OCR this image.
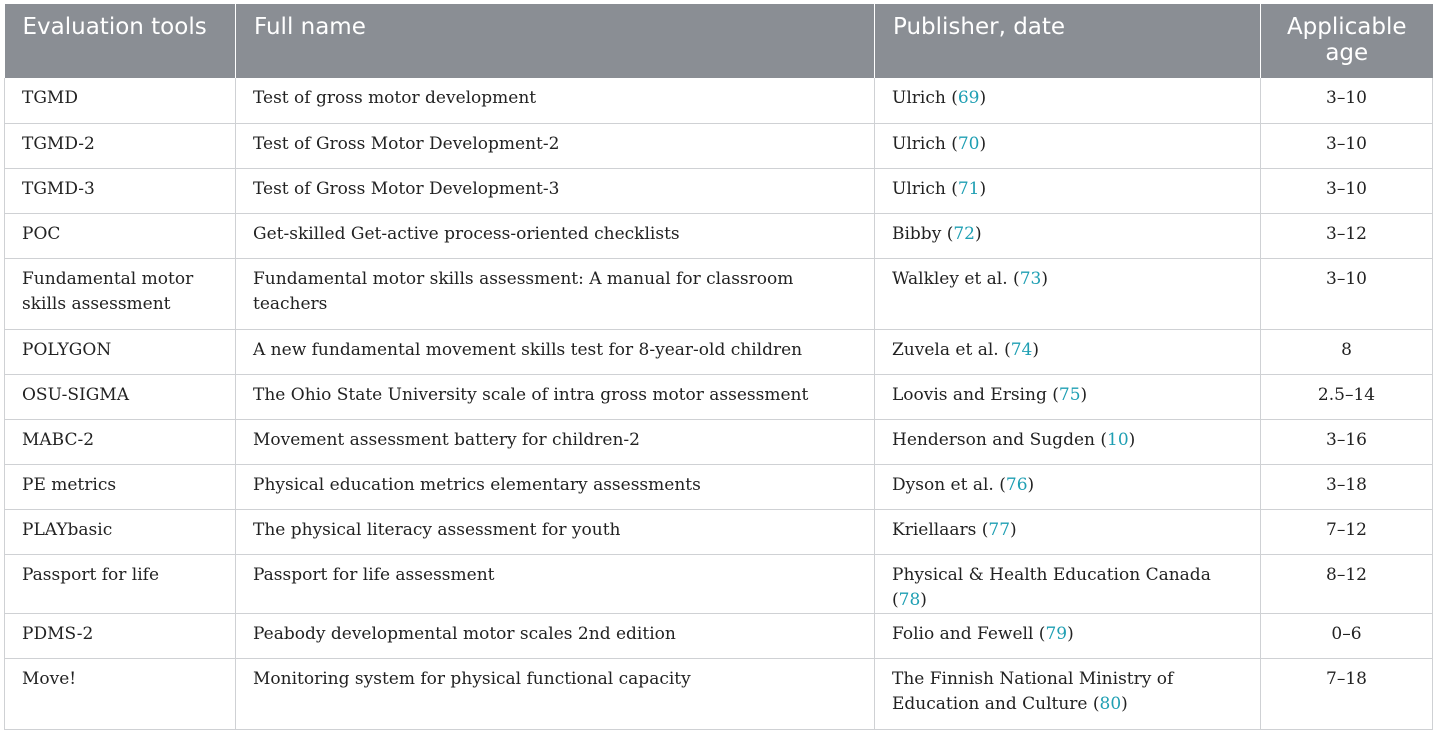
Evaluation tools	Full name	Publisher, date	Applicable age
TGMD	Test of gross motor development	Ulrich (69)	3–10
TGMD-2	Test of Gross Motor Development-2	Ulrich (70)	3–10
TGMD-3	Test of Gross Motor Development-3	Ulrich (71)	3–10
POC	Get-skilled Get-active process-oriented checklists	Bibby (72)	3–12
Fundamental motor skills assessment	Fundamental motor skills assessment: A manual for classroom teachers	Walkley et al. (73)	3–10
POLYGON	A new fundamental movement skills test for 8-year-old children	Zuvela et al. (74)	8
OSU-SIGMA	The Ohio State University scale of intra gross motor assessment	Loovis and Ersing (75)	2.5–14
MABC-2	Movement assessment battery for children-2	Henderson and Sugden (10)	3–16
PE metrics	Physical education metrics elementary assessments	Dyson et al. (76)	3–18
PLAYbasic	The physical literacy assessment for youth	Kriellaars (77)	7–12
Passport for life	Passport for life assessment	Physical & Health Education Canada (78)	8–12
PDMS-2	Peabody developmental motor scales 2nd edition	Folio and Fewell (79)	0–6
Move!	Monitoring system for physical functional capacity	The Finnish National Ministry of Education and Culture (80)	7–18
